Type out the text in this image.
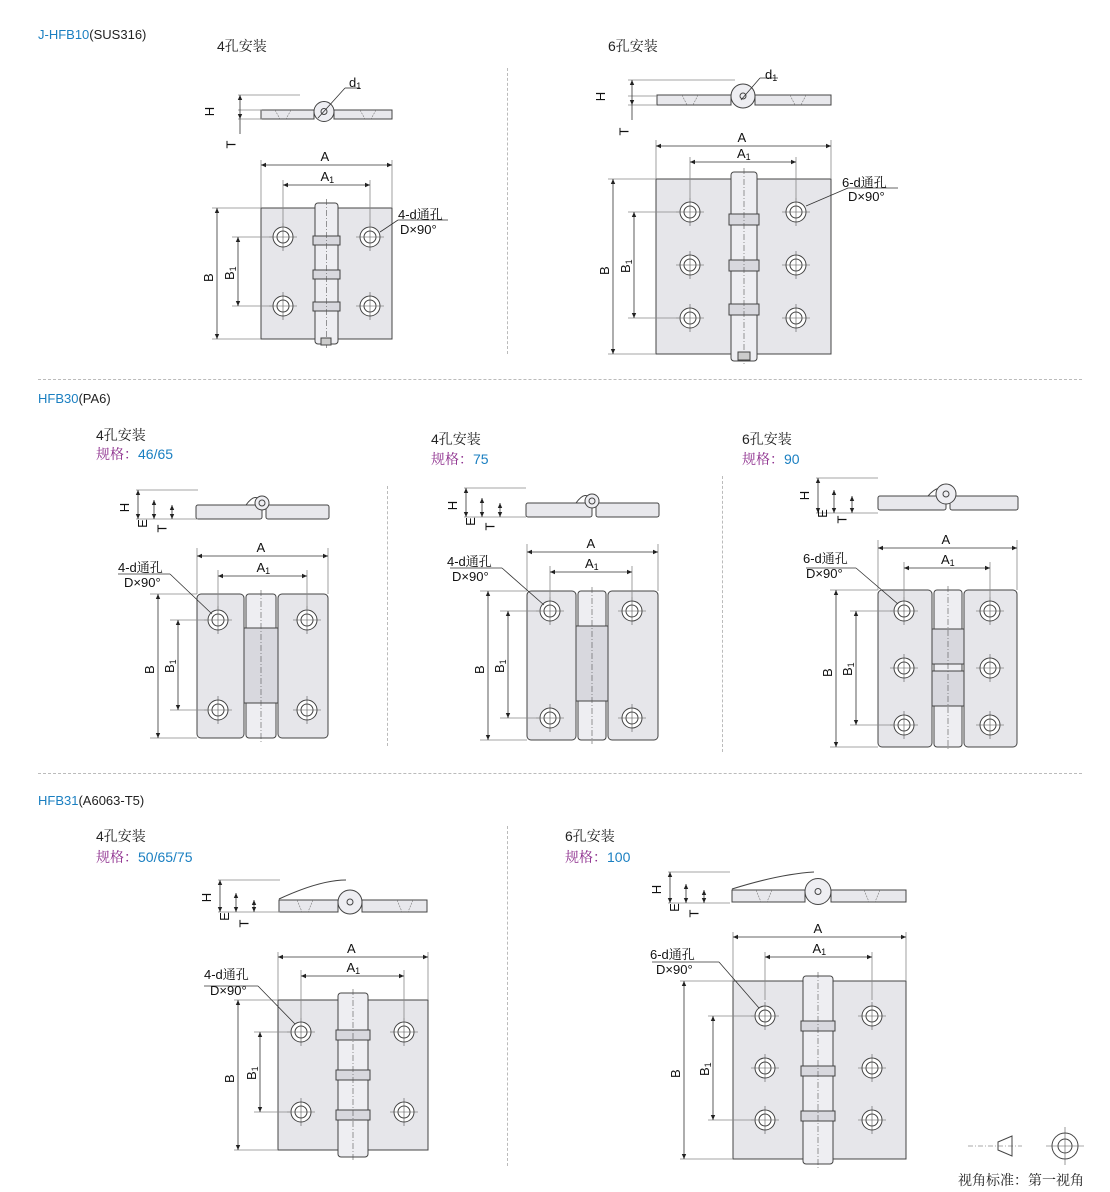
J-HFB10(SUS316)
HFB30(PA6)
HFB31(A6063-T5)
4孔安装	6孔安装
4孔安装
规格：46/65
4孔安装
规格：75
6孔安装
规格：90
4孔安装
规格：50/65/75
6孔安装
规格：100
H
T
$d_1$
A
$A_1$
B $B_1$
4-d通孔
D×90°
H
T
$d_1$
A
$A_1$
B $B_1$
6-d通孔
D×90°
H
E
T
A
$A_1$
B $B_1$
4-d通孔
D×90°
H
E
T
A
$A_1$
B $B_1$
4-d通孔
D×90°
H
E
T
A
$A_1$
B $B_1$
6-d通孔
D×90°
H
E
T
A
$A_1$
B $B_1$
4-d通孔
D×90°
H
E
T
A
$A_1$
B $B_1$
6-d通孔
D×90°
视角标准：第一视角
